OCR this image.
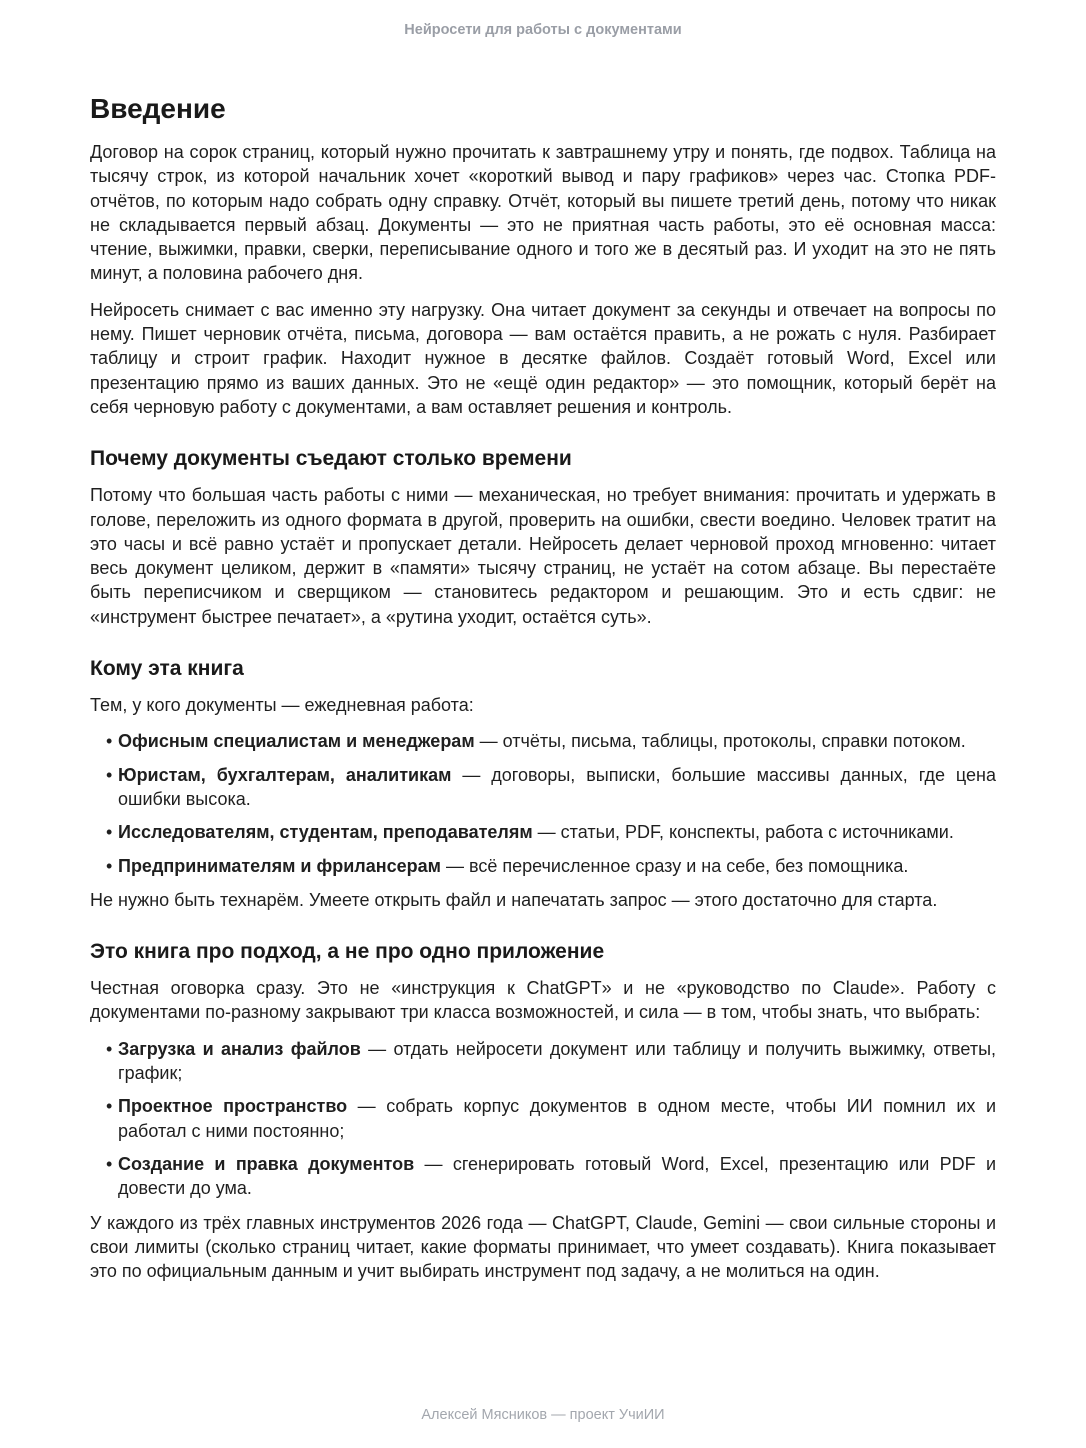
Нейросети для работы с документами
Введение

Договор на сорок страниц, который нужно прочитать к завтрашнему утру и понять, где подвох. Таблица на тысячу строк, из которой начальник хочет «короткий вывод и пару графиков» через час. Стопка PDF-отчётов, по которым надо собрать одну справку. Отчёт, который вы пишете третий день, потому что никак не складывается первый абзац. Документы — это не приятная часть работы, это её основная масса: чтение, выжимки, правки, сверки, переписывание одного и того же в десятый раз. И уходит на это не пять минут, а половина рабочего дня.

Нейросеть снимает с вас именно эту нагрузку. Она читает документ за секунды и отвечает на вопросы по нему. Пишет черновик отчёта, письма, договора — вам остаётся править, а не рожать с нуля. Разбирает таблицу и строит график. Находит нужное в десятке файлов. Создаёт готовый Word, Excel или презентацию прямо из ваших данных. Это не «ещё один редактор» — это помощник, который берёт на себя черновую работу с документами, а вам оставляет решения и контроль.

Почему документы съедают столько времени

Потому что большая часть работы с ними — механическая, но требует внимания: прочитать и удержать в голове, переложить из одного формата в другой, проверить на ошибки, свести воедино. Человек тратит на это часы и всё равно устаёт и пропускает детали. Нейросеть делает черновой проход мгновенно: читает весь документ целиком, держит в «памяти» тысячу страниц, не устаёт на сотом абзаце. Вы перестаёте быть переписчиком и сверщиком — становитесь редактором и решающим. Это и есть сдвиг: не «инструмент быстрее печатает», а «рутина уходит, остаётся суть».

Кому эта книга

Тем, у кого документы — ежедневная работа:

• Офисным специалистам и менеджерам — отчёты, письма, таблицы, протоколы, справки потоком.
• Юристам, бухгалтерам, аналитикам — договоры, выписки, большие массивы данных, где цена ошибки высока.
• Исследователям, студентам, преподавателям — статьи, PDF, конспекты, работа с источниками.
• Предпринимателям и фрилансерам — всё перечисленное сразу и на себе, без помощника.

Не нужно быть технарём. Умеете открыть файл и напечатать запрос — этого достаточно для старта.

Это книга про подход, а не про одно приложение

Честная оговорка сразу. Это не «инструкция к ChatGPT» и не «руководство по Claude». Работу с документами по-разному закрывают три класса возможностей, и сила — в том, чтобы знать, что выбрать:

• Загрузка и анализ файлов — отдать нейросети документ или таблицу и получить выжимку, ответы, график;
• Проектное пространство — собрать корпус документов в одном месте, чтобы ИИ помнил их и работал с ними постоянно;
• Создание и правка документов — сгенерировать готовый Word, Excel, презентацию или PDF и довести до ума.

У каждого из трёх главных инструментов 2026 года — ChatGPT, Claude, Gemini — свои сильные стороны и свои лимиты (сколько страниц читает, какие форматы принимает, что умеет создавать). Книга показывает это по официальным данным и учит выбирать инструмент под задачу, а не молиться на один.

Алексей Мясников — проект УчиИИ
